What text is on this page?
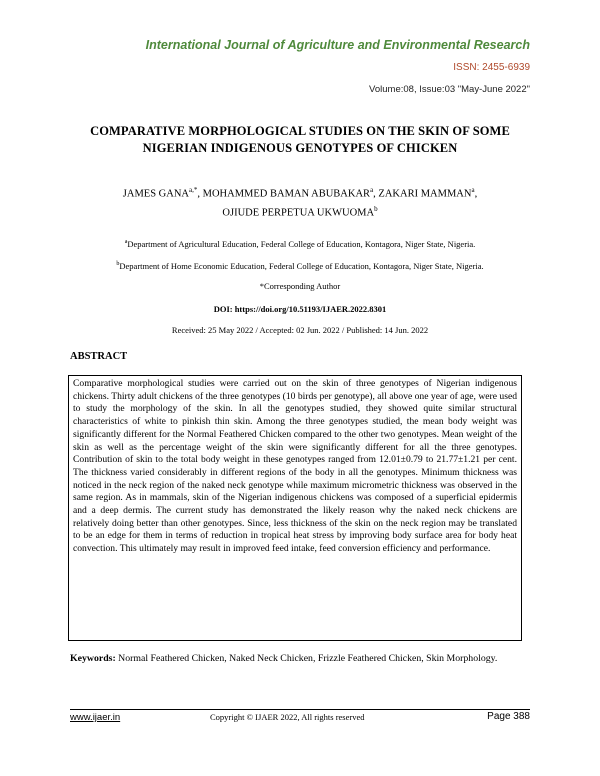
International Journal of Agriculture and Environmental Research
ISSN: 2455-6939
Volume:08, Issue:03 "May-June 2022"
COMPARATIVE MORPHOLOGICAL STUDIES ON THE SKIN OF SOME
NIGERIAN INDIGENOUS GENOTYPES OF CHICKEN
JAMES $GANA^{a,*}$, MOHAMMED BAMAN ABUBAKAR$^a$, ZAKARI MAMMAN$^a$,
OJIUDE PERPETUA UKWUOMA$^b$
$^a$Department of Agricultural Education, Federal College of Education, Kontagora, Niger State, Nigeria.
$^b$Department of Home Economic Education, Federal College of Education, Kontagora, Niger State, Nigeria.
*Corresponding Author
DOI: https://doi.org/10.51193/IJAER.2022.8301
Received: 25 May 2022 / Accepted: 02 Jun. 2022 / Published: 14 Jun. 2022
ABSTRACT
Comparative morphological studies were carried out on the skin of three genotypes of Nigerian indigenous chickens. Thirty adult chickens of the three genotypes (10 birds per genotype), all above one year of age, were used to study the morphology of the skin. In all the genotypes studied, they showed quite similar structural characteristics of white to pinkish thin skin. Among the three genotypes studied, the mean body weight was significantly different for the Normal Feathered Chicken compared to the other two genotypes. Mean weight of the skin as well as the percentage weight of the skin were significantly different for all the three genotypes. Contribution of skin to the total body weight in these genotypes ranged from 12.01±0.79 to 21.77±1.21 per cent. The thickness varied considerably in different regions of the body in all the genotypes. Minimum thickness was noticed in the neck region of the naked neck genotype while maximum micrometric thickness was observed in the same region. As in mammals, skin of the Nigerian indigenous chickens was composed of a superficial epidermis and a deep dermis. The current study has demonstrated the likely reason why the naked neck chickens are relatively doing better than other genotypes. Since, less thickness of the skin on the neck region may be translated to be an edge for them in terms of reduction in tropical heat stress by improving body surface area for body heat convection. This ultimately may result in improved feed intake, feed conversion efficiency and performance.
Keywords: Normal Feathered Chicken, Naked Neck Chicken, Frizzle Feathered Chicken, Skin Morphology.
www.ijaer.in	Copyright © IJAER 2022, All rights reserved	Page 388
